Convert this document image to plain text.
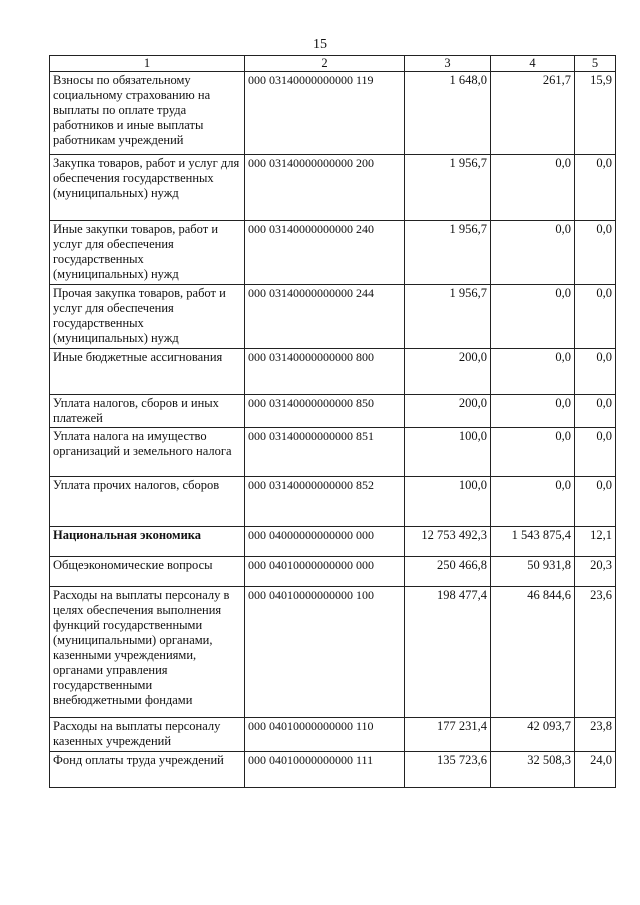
15
1	2	3	4	5
Взносы по обязательному социальному страхованию на выплаты по оплате труда работников и иные выплаты работникам учреждений	000 03140000000000 119	1 648,0	261,7	15,9
Закупка товаров, работ и услуг для обеспечения государственных (муниципальных) нужд	000 03140000000000 200	1 956,7	0,0	0,0
Иные закупки товаров, работ и услуг для обеспечения государственных (муниципальных) нужд	000 03140000000000 240	1 956,7	0,0	0,0
Прочая закупка товаров, работ и услуг для обеспечения государственных (муниципальных) нужд	000 03140000000000 244	1 956,7	0,0	0,0
Иные бюджетные ассигнования	000 03140000000000 800	200,0	0,0	0,0
Уплата налогов, сборов и иных платежей	000 03140000000000 850	200,0	0,0	0,0
Уплата налога на имущество организаций и земельного налога	000 03140000000000 851	100,0	0,0	0,0
Уплата прочих налогов, сборов	000 03140000000000 852	100,0	0,0	0,0
Национальная экономика	000 04000000000000 000	12 753 492,3	1 543 875,4	12,1
Общеэкономические вопросы	000 04010000000000 000	250 466,8	50 931,8	20,3
Расходы на выплаты персоналу в целях обеспечения выполнения функций государственными (муниципальными) органами, казенными учреждениями, органами управления государственными внебюджетными фондами	000 04010000000000 100	198 477,4	46 844,6	23,6
Расходы на выплаты персоналу казенных учреждений	000 04010000000000 110	177 231,4	42 093,7	23,8
Фонд оплаты труда учреждений	000 04010000000000 111	135 723,6	32 508,3	24,0
